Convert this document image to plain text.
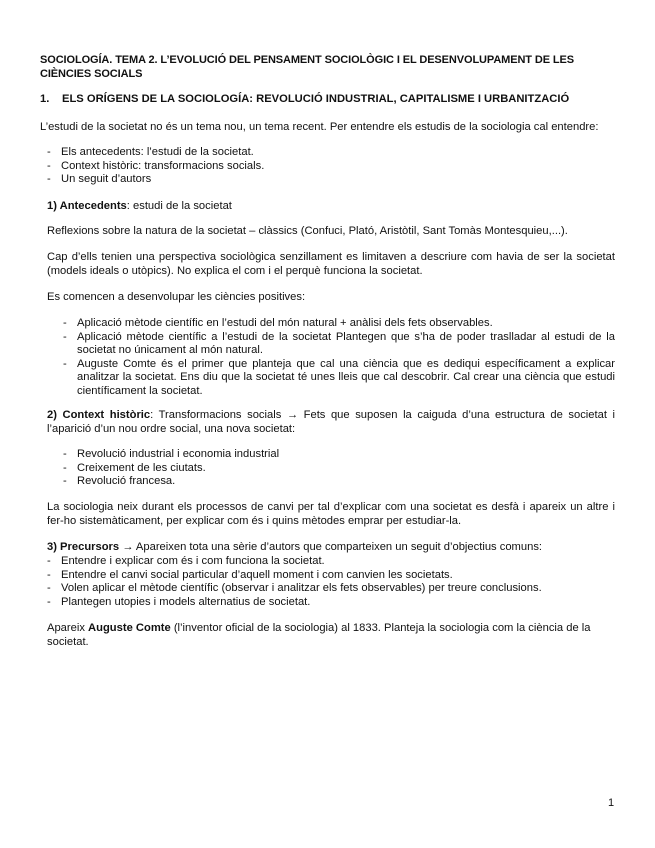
SOCIOLOGÍA. TEMA 2. L’EVOLUCIÓ DEL PENSAMENT SOCIOLÒGIC I EL DESENVOLUPAMENT DE LES CIÈNCIES SOCIALS
1. ELS ORÍGENS DE LA SOCIOLOGÍA: REVOLUCIÓ INDUSTRIAL, CAPITALISME I URBANITZACIÓ
L’estudi de la societat no és un tema nou, un tema recent. Per entendre els estudis de la sociologia cal entendre:
- Els antecedents: l’estudi de la societat.
- Context històric: transformacions socials.
- Un seguit d’autors
1) Antecedents: estudi de la societat
Reflexions sobre la natura de la societat – clàssics (Confuci, Plató, Aristòtil, Sant Tomàs Montesquieu,...).
Cap d’ells tenien una perspectiva sociològica senzillament es limitaven a descriure com havia de ser la societat (models ideals o utòpics). No explica el com i el perquè funciona la societat.
Es comencen a desenvolupar les ciències positives:
- Aplicació mètode científic en l’estudi del món natural + anàlisi dels fets observables.
- Aplicació mètode científic a l’estudi de la societat Plantegen que s’ha de poder traslladar al estudi de la societat no únicament al món natural.
- Auguste Comte és el primer que planteja que cal una ciència que es dediqui específicament a explicar analitzar la societat. Ens diu que la societat té unes lleis que cal descobrir. Cal crear una ciència que estudi científicament la societat.
2) Context històric: Transformacions socials → Fets que suposen la caiguda d’una estructura de societat i l’aparició d’un nou ordre social, una nova societat:
- Revolució industrial i economia industrial
- Creixement de les ciutats.
- Revolució francesa.
La sociologia neix durant els processos de canvi per tal d’explicar com una societat es desfà i apareix un altre i fer-ho sistemàticament, per explicar com és i quins mètodes emprar per estudiar-la.
3) Precursors → Apareixen tota una sèrie d’autors que comparteixen un seguit d’objectius comuns:
- Entendre i explicar com és i com funciona la societat.
- Entendre el canvi social particular d’aquell moment i com canvien les societats.
- Volen aplicar el mètode científic (observar i analitzar els fets observables) per treure conclusions.
- Plantegen utopies i models alternatius de societat.
Apareix Auguste Comte (l’inventor oficial de la sociologia) al 1833. Planteja la sociologia com la ciència de la societat.
1
